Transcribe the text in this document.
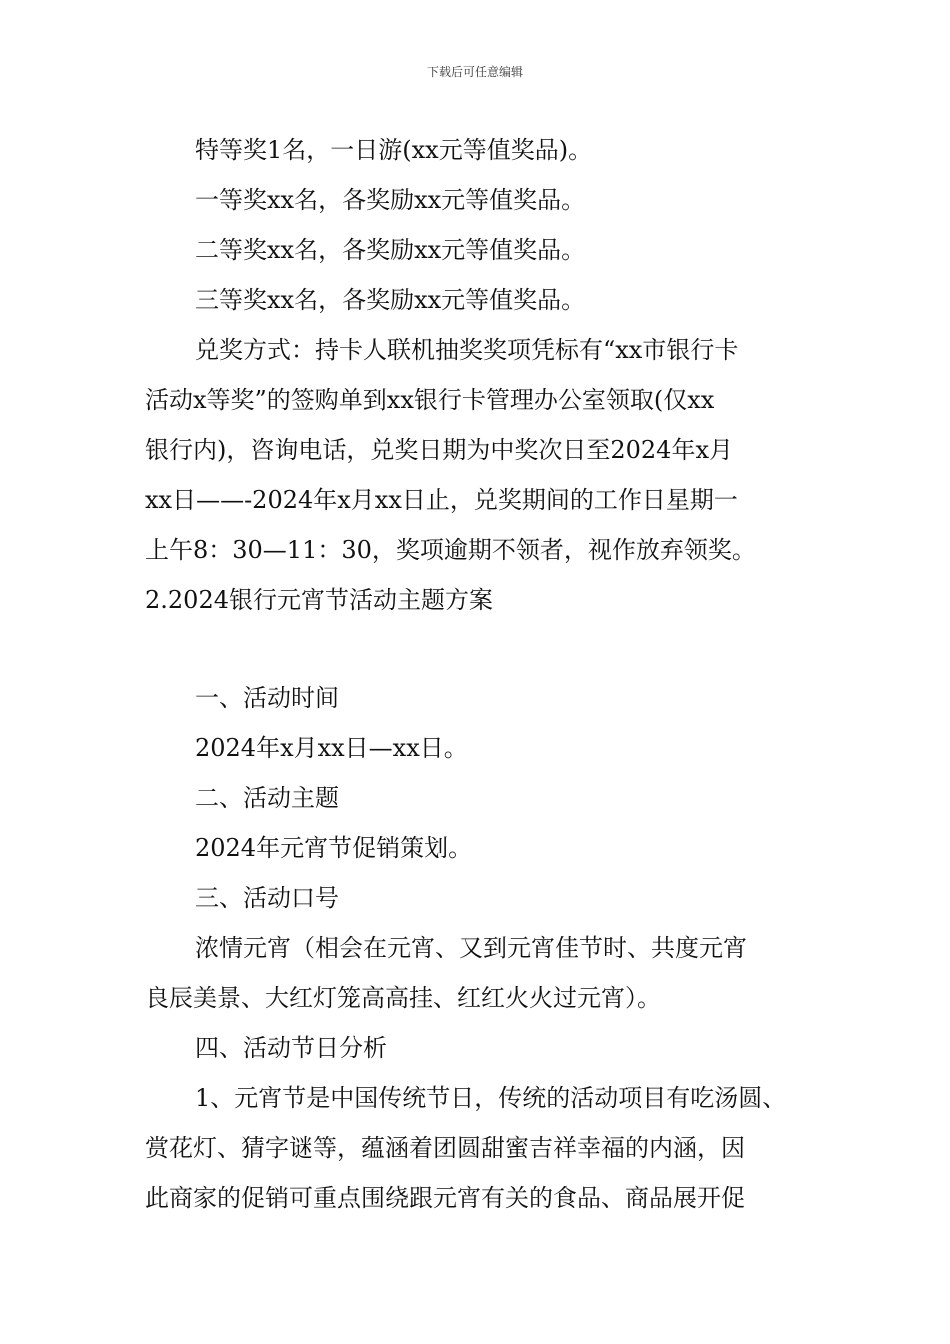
下载后可任意编辑
特等奖1名，一日游(xx元等值奖品)。
一等奖xx名，各奖励xx元等值奖品。
二等奖xx名，各奖励xx元等值奖品。
三等奖xx名，各奖励xx元等值奖品。
兑奖方式：持卡人联机抽奖奖项凭标有“xx市银行卡
活动x等奖”的签购单到xx银行卡管理办公室领取(仅xx
银行内)，咨询电话，兑奖日期为中奖次日至2024年x月
xx日——-2024年x月xx日止，兑奖期间的工作日星期一
上午8：30—11：30，奖项逾期不领者，视作放弃领奖。
2.2024银行元宵节活动主题方案
一、活动时间
2024年x月xx日—xx日。
二、活动主题
2024年元宵节促销策划。
三、活动口号
浓情元宵（相会在元宵、又到元宵佳节时、共度元宵
良辰美景、大红灯笼高高挂、红红火火过元宵）。
四、活动节日分析
1、元宵节是中国传统节日，传统的活动项目有吃汤圆、
赏花灯、猜字谜等，蕴涵着团圆甜蜜吉祥幸福的内涵，因
此商家的促销可重点围绕跟元宵有关的食品、商品展开促
